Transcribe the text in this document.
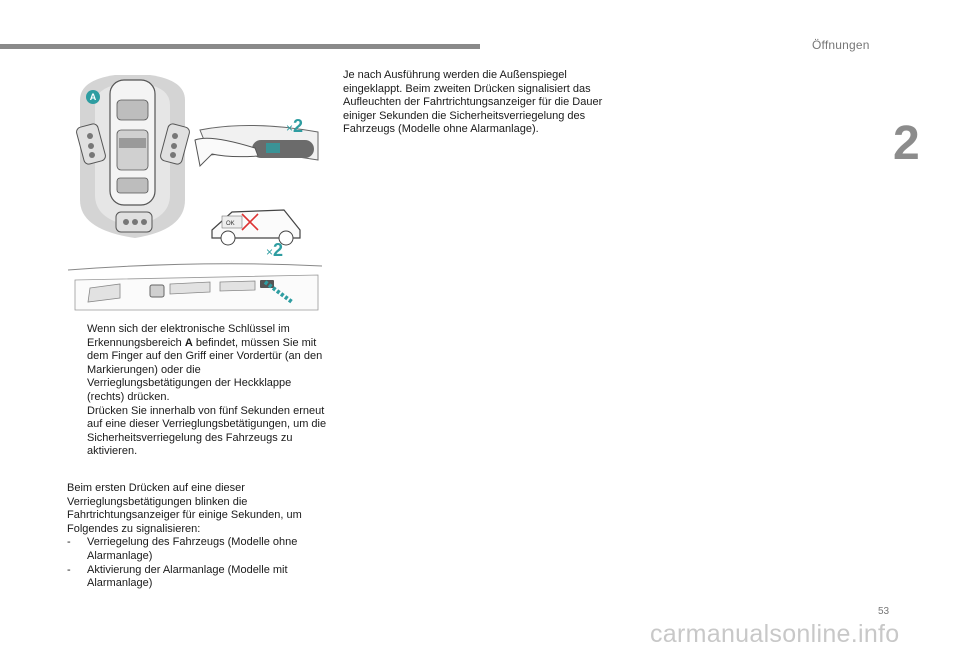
Öffnungen
2
OK
A
×2
×2
Wenn sich der elektronische Schlüssel im Erkennungsbereich A befindet, müssen Sie mit dem Finger auf den Griff einer Vordertür (an den Markierungen) oder die Verrieglungsbetätigungen der Heckklappe (rechts) drücken.
Drücken Sie innerhalb von fünf Sekunden erneut auf eine dieser Verrieglungsbetätigungen, um die Sicherheitsverriegelung des Fahrzeugs zu aktivieren.
Beim ersten Drücken auf eine dieser Verrieglungsbetätigungen blinken die Fahrtrichtungsanzeiger für einige Sekunden, um Folgendes zu signalisieren:
- Verriegelung des Fahrzeugs (Modelle ohne Alarmanlage)
- Aktivierung der Alarmanlage (Modelle mit Alarmanlage)
Je nach Ausführung werden die Außenspiegel eingeklappt. Beim zweiten Drücken signalisiert das Aufleuchten der Fahrtrichtungsanzeiger für die Dauer einiger Sekunden die Sicherheitsverriegelung des Fahrzeugs (Modelle ohne Alarmanlage).
53
carmanualsonline.info
